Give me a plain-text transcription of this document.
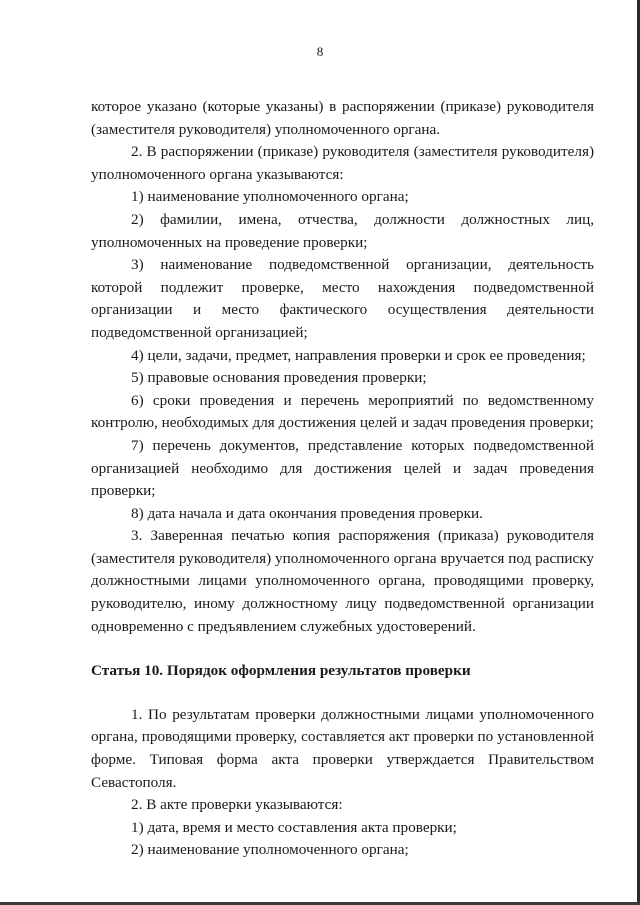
8

которое указано (которые указаны) в распоряжении (приказе) руководителя (заместителя руководителя) уполномоченного органа.

2. В распоряжении (приказе) руководителя (заместителя руководителя) уполномоченного органа указываются:

1) наименование уполномоченного органа;

2) фамилии, имена, отчества, должности должностных лиц, уполномоченных на проведение проверки;

3) наименование подведомственной организации, деятельность которой подлежит проверке, место нахождения подведомственной организации и место фактического осуществления деятельности подведомственной организацией;

4) цели, задачи, предмет, направления проверки и срок ее проведения;

5) правовые основания проведения проверки;

6) сроки проведения и перечень мероприятий по ведомственному контролю, необходимых для достижения целей и задач проведения проверки;

7) перечень документов, представление которых подведомственной организацией необходимо для достижения целей и задач проведения проверки;

8) дата начала и дата окончания проведения проверки.

3. Заверенная печатью копия распоряжения (приказа) руководителя (заместителя руководителя) уполномоченного органа вручается под расписку должностными лицами уполномоченного органа, проводящими проверку, руководителю, иному должностному лицу подведомственной организации одновременно с предъявлением служебных удостоверений.

Статья 10. Порядок оформления результатов проверки

1. По результатам проверки должностными лицами уполномоченного органа, проводящими проверку, составляется акт проверки по установленной форме. Типовая форма акта проверки утверждается Правительством Севастополя.

2. В акте проверки указываются:

1) дата, время и место составления акта проверки;

2) наименование уполномоченного органа;
